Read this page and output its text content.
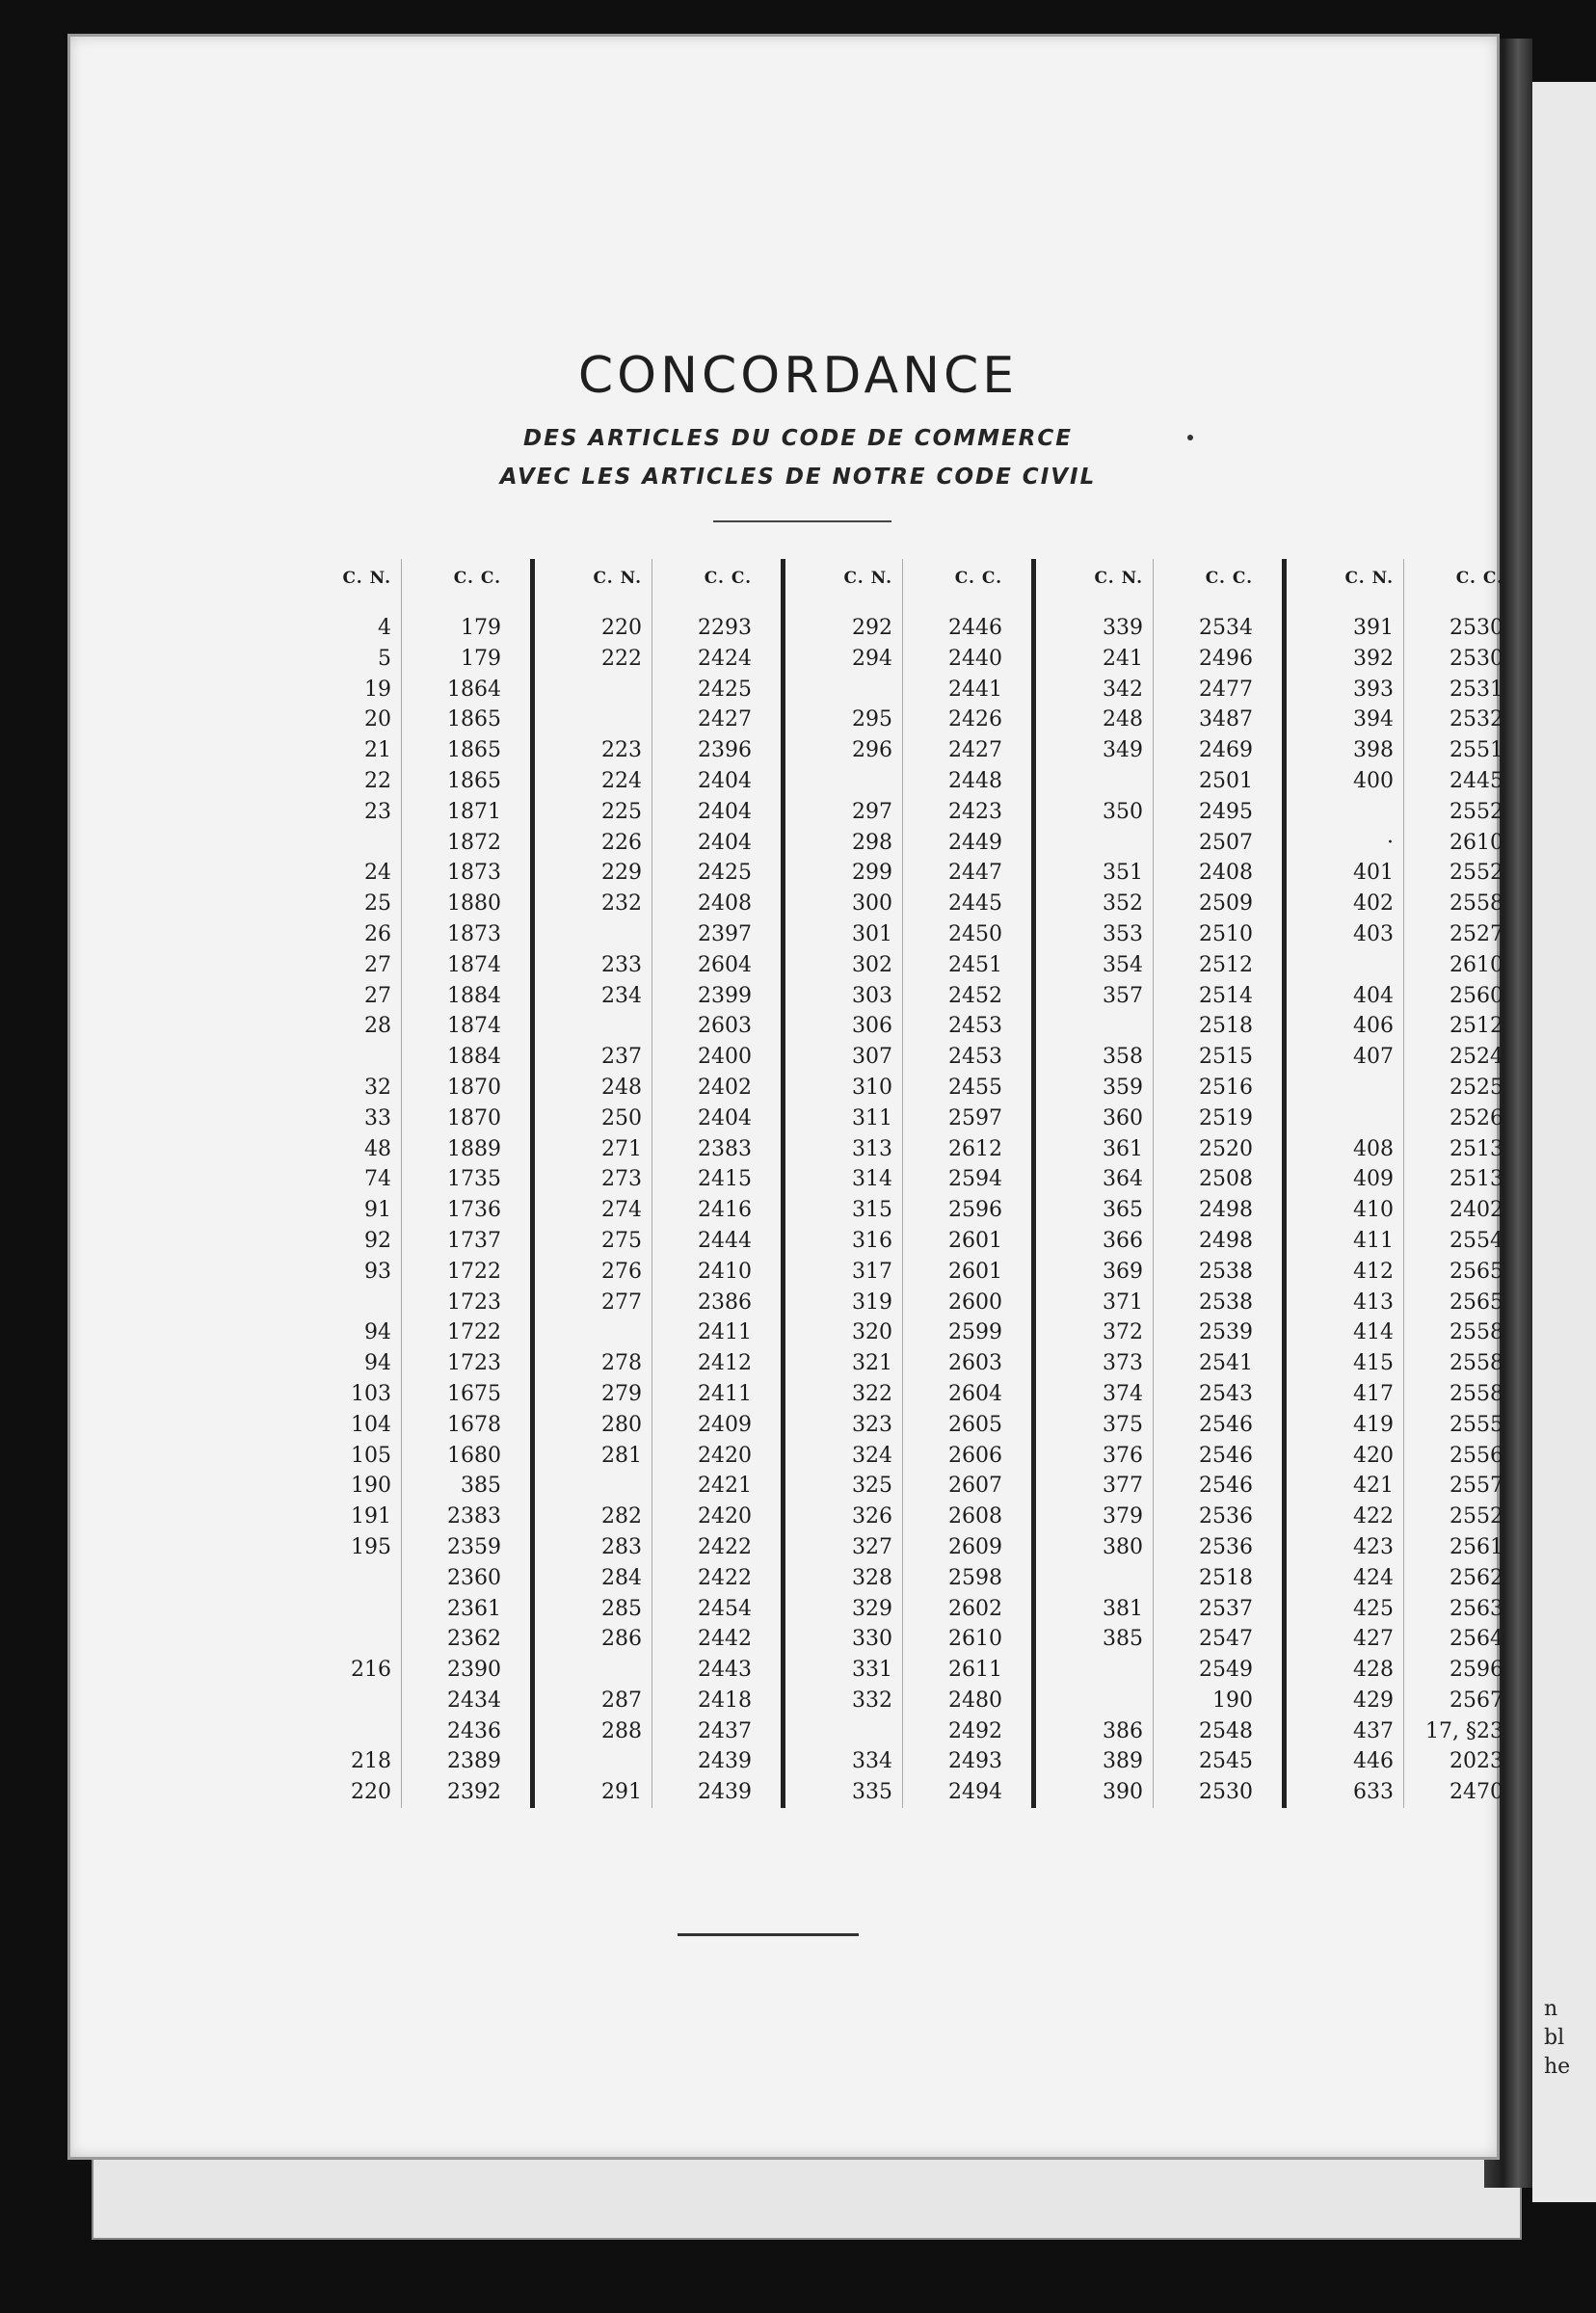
n
bl
he
CONCORDANCE
DES ARTICLES DU CODE DE COMMERCE
AVEC LES ARTICLES DE NOTRE CODE CIVIL
C. N.
4
5
19
20
21
22
23
24
25
26
27
27
28
32
33
48
74
91
92
93
94
94
103
104
105
190
191
195
216
218
220
C. C.
179
179
1864
1865
1865
1865
1871
1872
1873
1880
1873
1874
1884
1874
1884
1870
1870
1889
1735
1736
1737
1722
1723
1722
1723
1675
1678
1680
385
2383
2359
2360
2361
2362
2390
2434
2436
2389
2392
C. N.
220
222
223
224
225
226
229
232
233
234
237
248
250
271
273
274
275
276
277
278
279
280
281
282
283
284
285
286
287
288
291
C. C.
2293
2424
2425
2427
2396
2404
2404
2404
2425
2408
2397
2604
2399
2603
2400
2402
2404
2383
2415
2416
2444
2410
2386
2411
2412
2411
2409
2420
2421
2420
2422
2422
2454
2442
2443
2418
2437
2439
2439
C. N.
292
294
295
296
297
298
299
300
301
302
303
306
307
310
311
313
314
315
316
317
319
320
321
322
323
324
325
326
327
328
329
330
331
332
334
335
C. C.
2446
2440
2441
2426
2427
2448
2423
2449
2447
2445
2450
2451
2452
2453
2453
2455
2597
2612
2594
2596
2601
2601
2600
2599
2603
2604
2605
2606
2607
2608
2609
2598
2602
2610
2611
2480
2492
2493
2494
C. N.
339
241
342
248
349
350
351
352
353
354
357
358
359
360
361
364
365
366
369
371
372
373
374
375
376
377
379
380
381
385
386
389
390
C. C.
2534
2496
2477
3487
2469
2501
2495
2507
2408
2509
2510
2512
2514
2518
2515
2516
2519
2520
2508
2498
2498
2538
2538
2539
2541
2543
2546
2546
2546
2536
2536
2518
2537
2547
2549
190
2548
2545
2530
C. N.
391
392
393
394
398
400
·
401
402
403
404
406
407
408
409
410
411
412
413
414
415
417
419
420
421
422
423
424
425
427
428
429
437
446
633
C. C.
2530
2530
2531
2532
2551
2445
2552
2610
2552
2558
2527
2610
2560
2512
2524
2525
2526
2513
2513
2402
2554
2565
2565
2558
2558
2558
2555
2556
2557
2552
2561
2562
2563
2564
2596
2567
17, §23
2023
2470
